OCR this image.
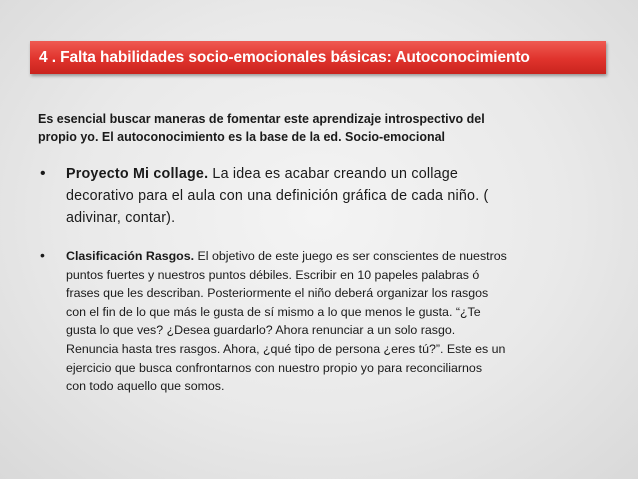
4 . Falta habilidades socio-emocionales básicas: Autoconocimiento
Es esencial buscar maneras de fomentar este aprendizaje introspectivo del
propio yo. El autoconocimiento es la base de la ed. Socio-emocional
• Proyecto Mi collage. La idea es acabar creando un collage
decorativo para el aula con una definición gráfica de cada niño. (
adivinar, contar).
• Clasificación Rasgos. El objetivo de este juego es ser conscientes de nuestros
puntos fuertes y nuestros puntos débiles. Escribir en 10 papeles palabras ó
frases que les describan. Posteriormente el niño deberá organizar los rasgos
con el fin de lo que más le gusta de sí mismo a lo que menos le gusta. “¿Te
gusta lo que ves? ¿Desea guardarlo? Ahora renunciar a un solo rasgo.
Renuncia hasta tres rasgos. Ahora, ¿qué tipo de persona ¿eres tú?”. Este es un
ejercicio que busca confrontarnos con nuestro propio yo para reconciliarnos
con todo aquello que somos.
